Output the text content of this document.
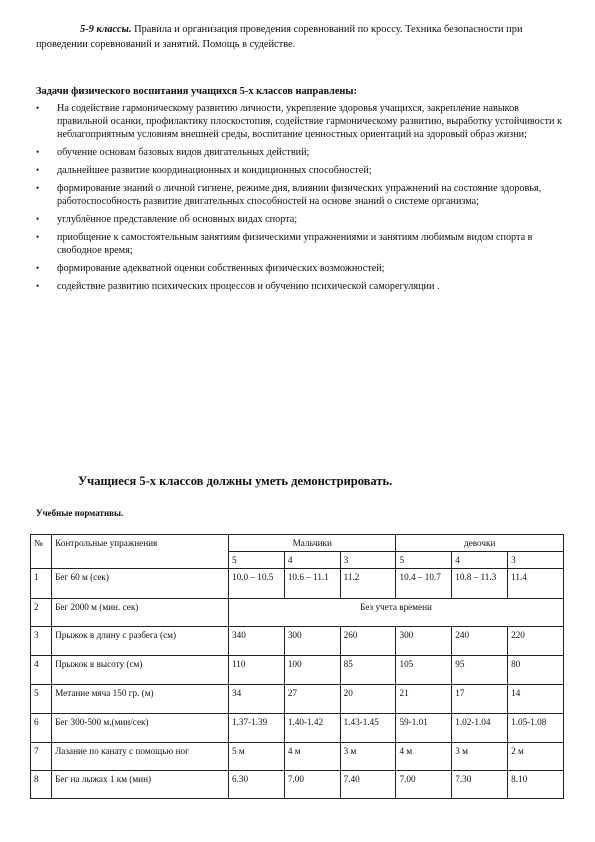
5-9 классы. Правила и организация проведения соревнований по кроссу. Техника безопасности при проведении соревнований и занятий. Помощь в судействе.

Задачи физического воспитания учащихся 5-х классов направлены:
• На содействие гармоническому развитию личности, укрепление здоровья учащихся, закрепление навыков правильной осанки, профилактику плоскостопия, содействие гармоническому развитию, выработку устойчивости к неблагоприятным условиям внешней среды, воспитание ценностных ориентаций на здоровый образ жизни;
• обучение основам базовых видов двигательных действий;
• дальнейшее развитие координационных и кондиционных способностей;
• формирование знаний о личной гигиене, режиме дня, влиянии физических упражнений на состояние здоровья, работоспособность развитие двигательных способностей на основе знаний о системе организма;
• углублённое представление об основных видах спорта;
• приобщение к самостоятельным занятиям физическими упражнениями и занятиям любимым видом спорта в свободное время;
• формирование адекватной оценки собственных физических возможностей;
• содействие развитию психических процессов и обучению психической саморегуляции .
Учащиеся 5-х классов должны уметь демонстрировать.
Учебные нормативы.
№	Контрольные упражнения	Мальчики			девочки		
		5	4	3	5	4	3
1	Бег 60 м (сек)	10.0 – 10.5	10.6 – 11.1	11.2	10.4 – 10.7	10.8 – 11.3	11.4
2	Бег 2000 м (мин. сек)	Без учета времени					
3	Прыжок в длину с разбега (см)	340	300	260	300	240	220
4	Прыжок в высоту (см)	110	100	85	105	95	80
5	Метание мяча 150 гр. (м)	34	27	20	21	17	14
6	Бег 300-500 м.(мин/сек)	1.37-1.39	1.40-1.42	1.43-1.45	59-1.01	1.02-1.04	1.05-1.08
7	Лазание по канату с помощью ног	5 м	4 м	3 м	4 м	3 м	2 м
8	Бег на лыжах 1 км (мин)	6.30	7.00	7.40	7.00	7.30	8.10
